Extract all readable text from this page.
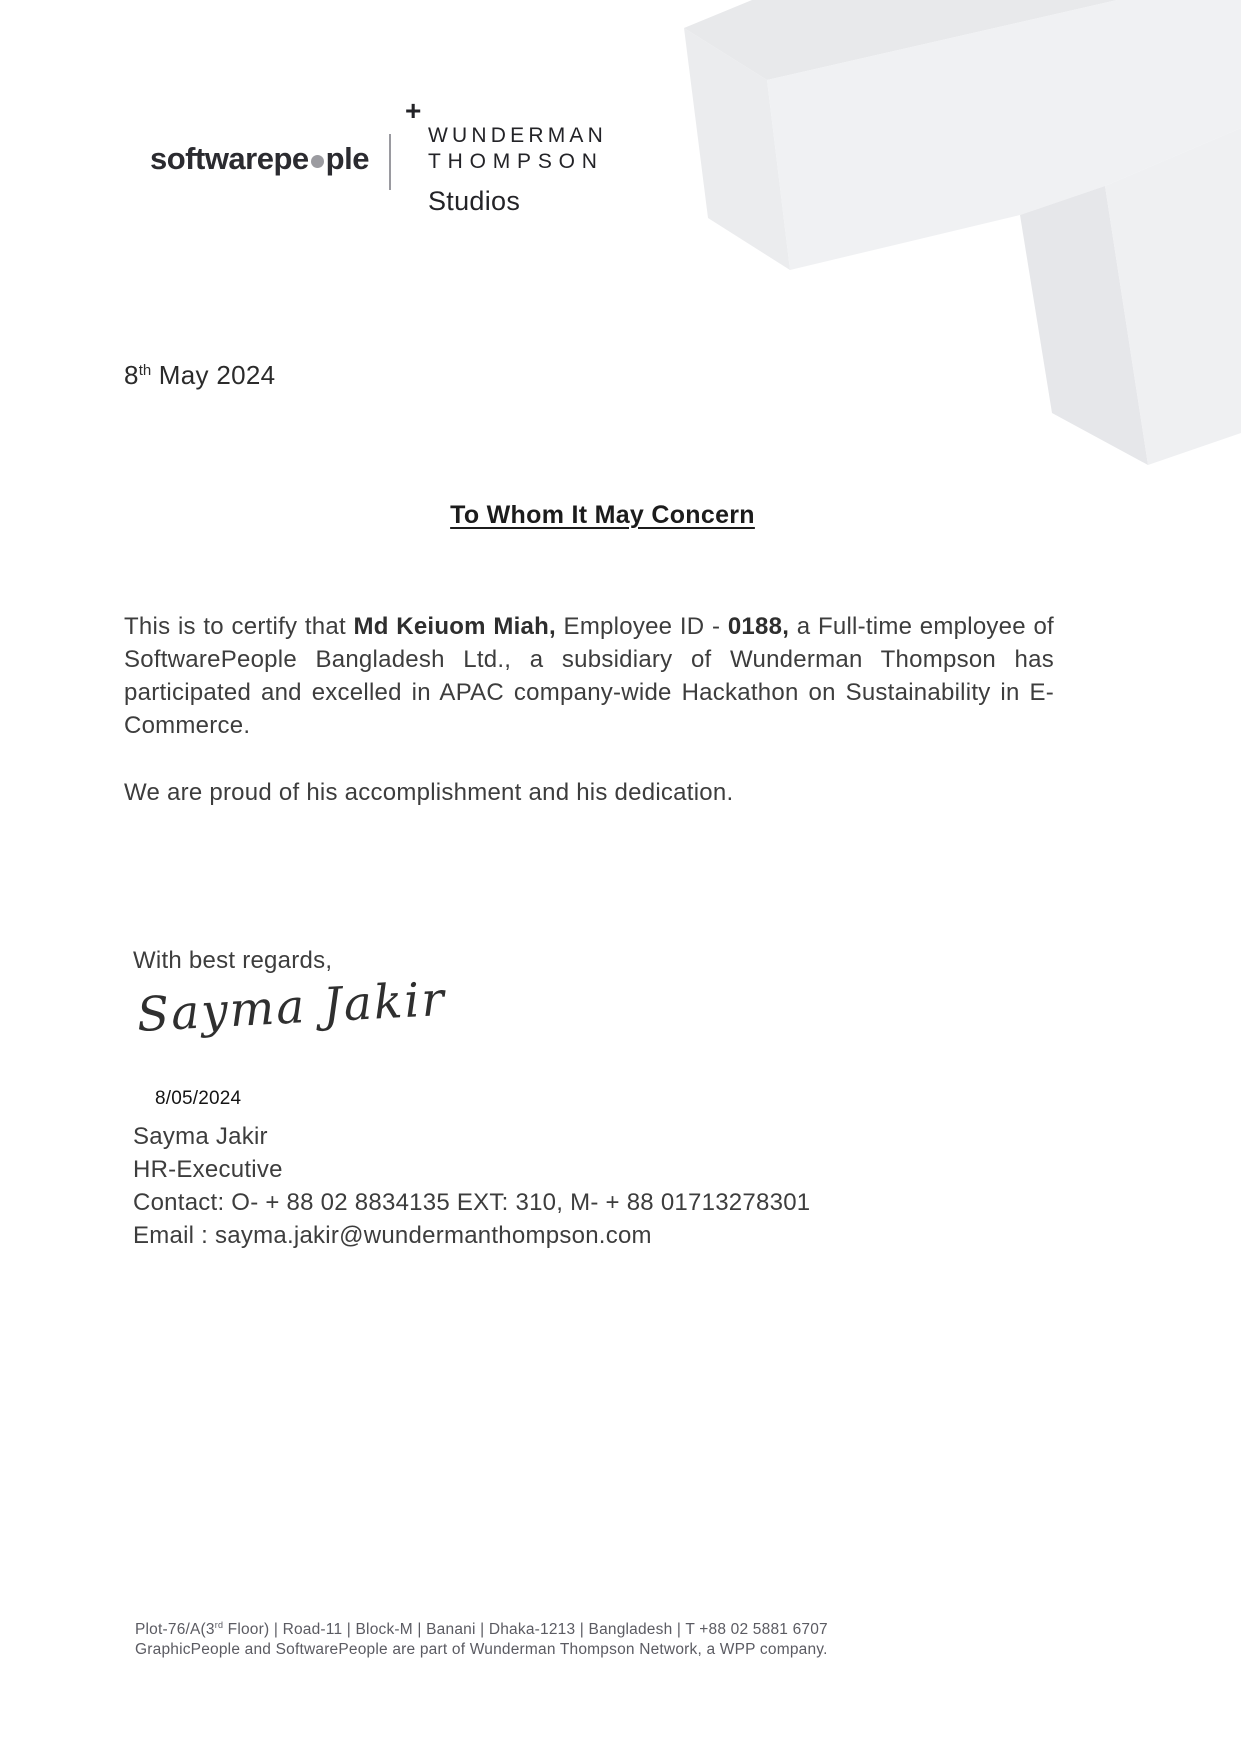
softwarepe ple
+
WUNDERMAN
THOMPSON
Studios
8th May 2024
To Whom It May Concern
This is to certify that Md Keiuom Miah, Employee ID - 0188, a Full-time employee of SoftwarePeople Bangladesh Ltd., a subsidiary of Wunderman Thompson has participated and excelled in APAC company-wide Hackathon on Sustainability in E-Commerce.
We are proud of his accomplishment and his dedication.
With best regards,
Sayma Jakir
8/05/2024
Sayma Jakir
HR-Executive
Contact: O- + 88 02 8834135 EXT: 310, M- + 88 01713278301
Email : sayma.jakir@wundermanthompson.com
Plot-76/A(3rd Floor) | Road-11 | Block-M | Banani | Dhaka-1213 | Bangladesh | T +88 02 5881 6707
GraphicPeople and SoftwarePeople are part of Wunderman Thompson Network, a WPP company.
